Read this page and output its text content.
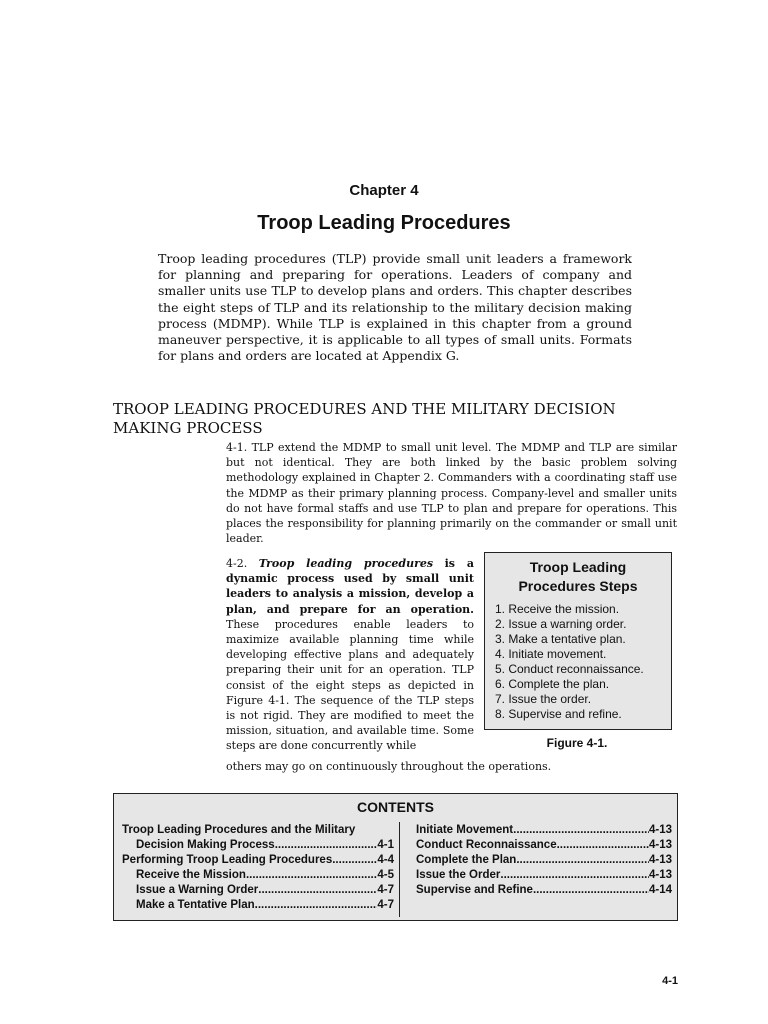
Chapter 4
Troop Leading Procedures
Troop leading procedures (TLP) provide small unit leaders a framework for planning and preparing for operations. Leaders of company and smaller units use TLP to develop plans and orders. This chapter describes the eight steps of TLP and its relationship to the military decision making process (MDMP). While TLP is explained in this chapter from a ground maneuver perspective, it is applicable to all types of small units. Formats for plans and orders are located at Appendix G.
TROOP LEADING PROCEDURES AND THE MILITARY DECISION MAKING PROCESS
4-1. TLP extend the MDMP to small unit level. The MDMP and TLP are similar but not identical. They are both linked by the basic problem solving methodology explained in Chapter 2. Commanders with a coordinating staff use the MDMP as their primary planning process. Company-level and smaller units do not have formal staffs and use TLP to plan and prepare for operations. This places the responsibility for planning primarily on the commander or small unit leader.
4-2. Troop leading procedures is a dynamic process used by small unit leaders to analysis a mission, develop a plan, and prepare for an operation. These procedures enable leaders to maximize available planning time while developing effective plans and adequately preparing their unit for an operation. TLP consist of the eight steps as depicted in Figure 4-1. The sequence of the TLP steps is not rigid. They are modified to meet the mission, situation, and available time. Some steps are done concurrently while
others may go on continuously throughout the operations.
Troop Leading
Procedures Steps
1. Receive the mission.
2. Issue a warning order.
3. Make a tentative plan.
4. Initiate movement.
5. Conduct reconnaissance.
6. Complete the plan.
7. Issue the order.
8. Supervise and refine.
Figure 4-1.
CONTENTS
Troop Leading Procedures and the Military
Decision Making Process .....	4-1
Performing Troop Leading Procedures .....	4-4
Receive the Mission .....	4-5
Issue a Warning Order .....	4-7
Make a Tentative Plan .....	4-7
Initiate Movement .....	4-13
Conduct Reconnaissance .....	4-13
Complete the Plan .....	4-13
Issue the Order .....	4-13
Supervise and Refine .....	4-14
4-1
